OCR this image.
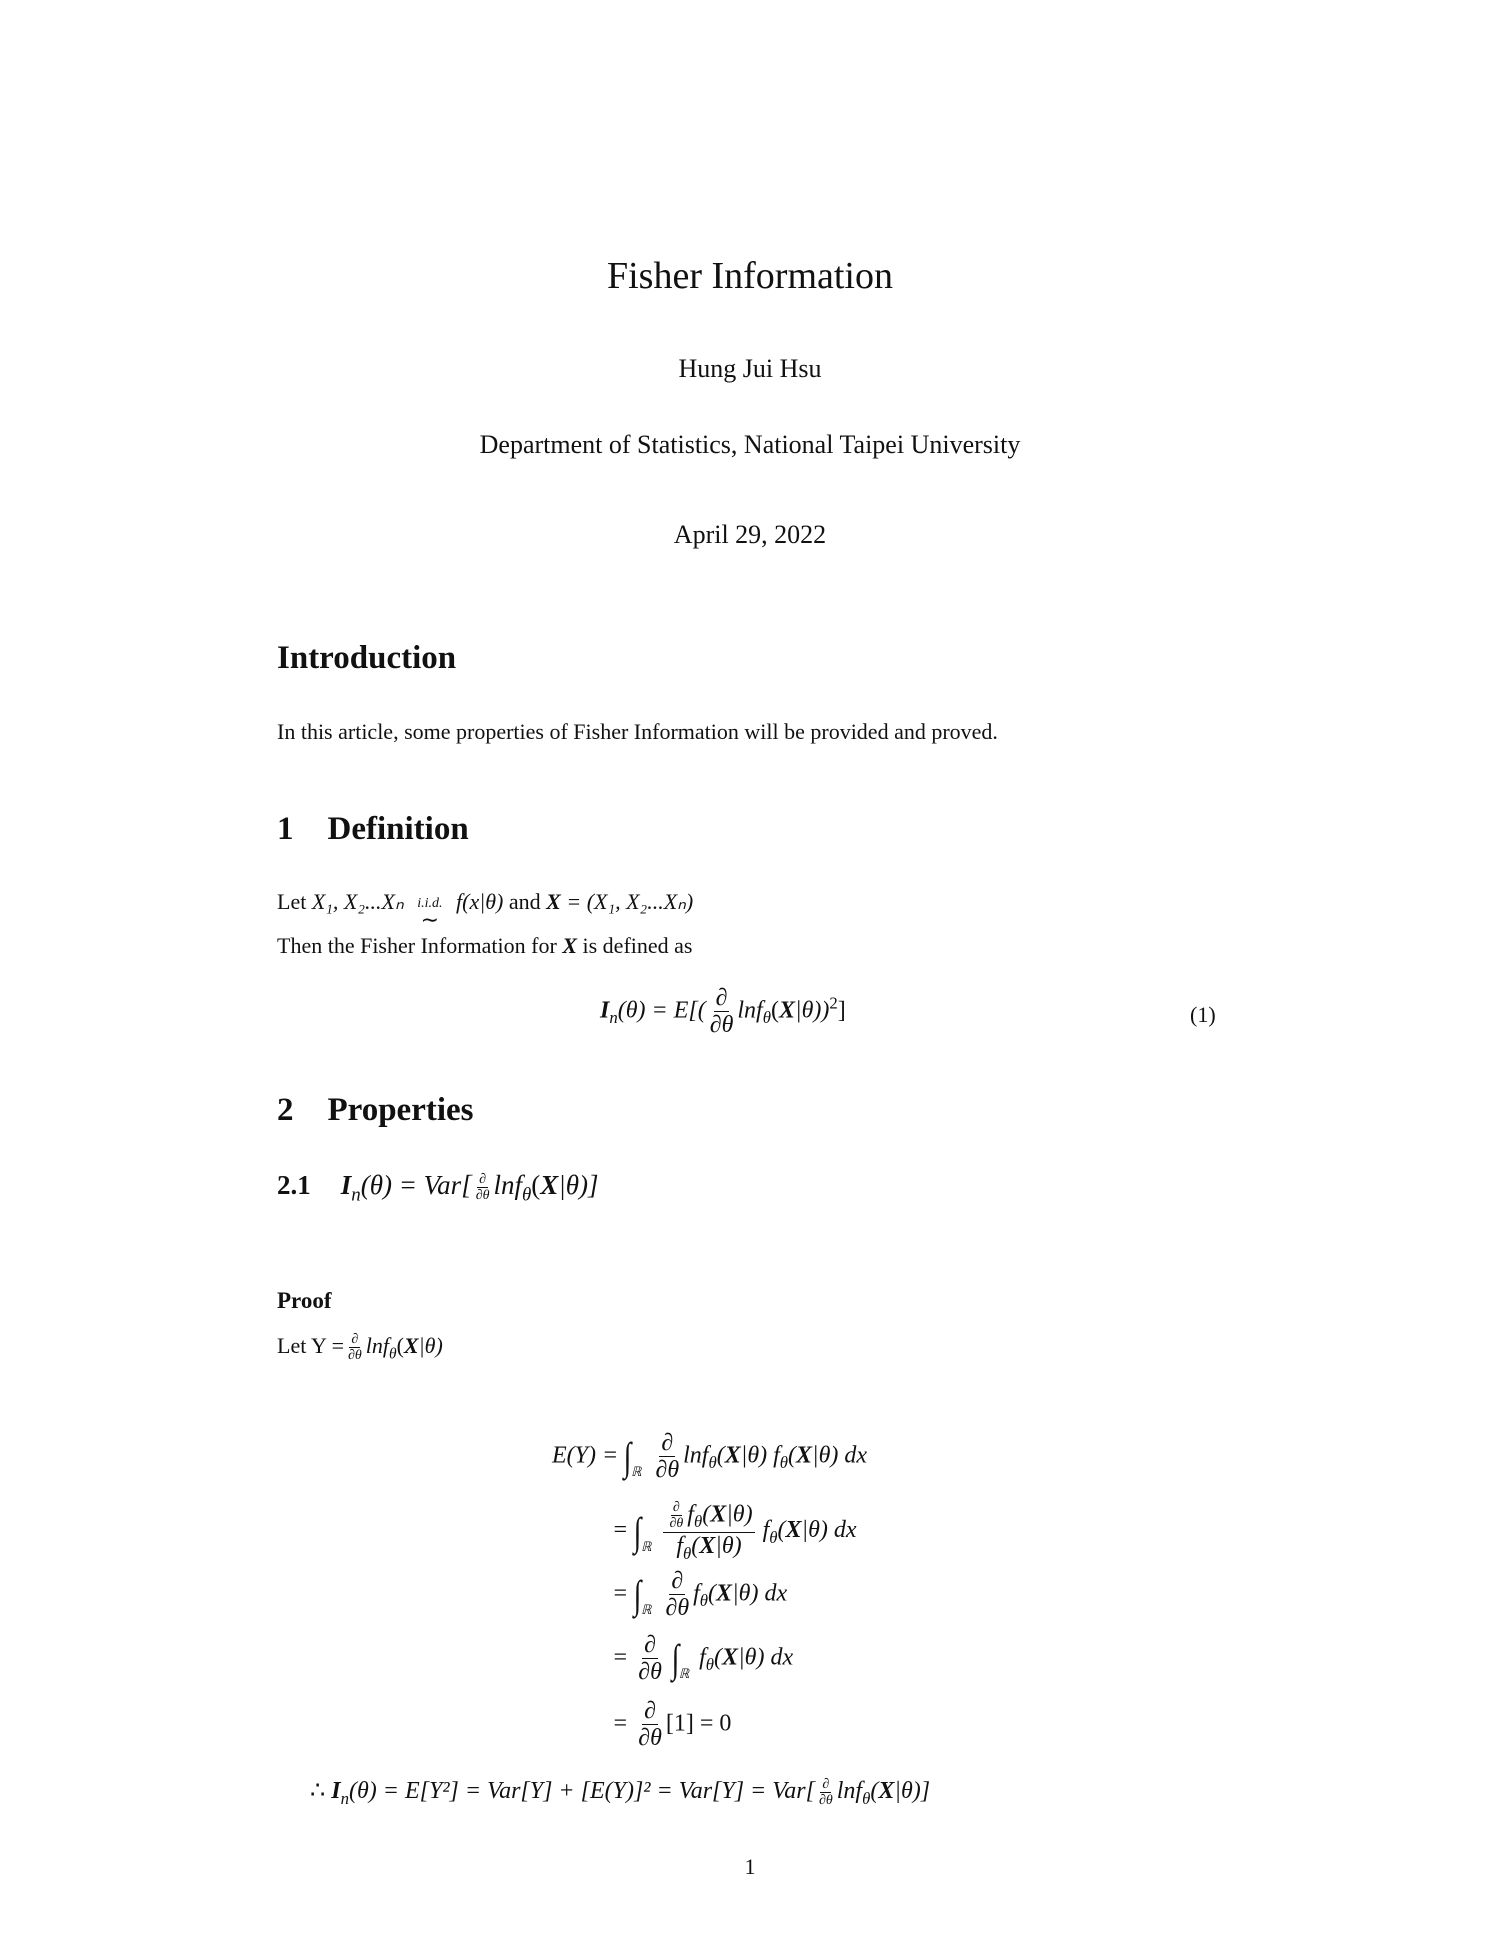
Fisher Information
Hung Jui Hsu
Department of Statistics, National Taipei University
April 29, 2022
Introduction
In this article, some properties of Fisher Information will be provided and proved.
1 Definition
Let X₁, X₂...Xₙ i.i.d.
∼
f(x|θ) and X = (X₁, X₂...Xₙ)
Then the Fisher Information for X is defined as
$I_n(\theta) = E[( \frac{\partial}{\partial\theta} \ln f_\theta(X|\theta))^2]$	(1)
2 Properties
2.1 $I_n(\theta) = Var[ \frac{\partial}{\partial\theta} \ln f_\theta(X|\theta)]$
Proof
Let $Y = \frac{\partial}{\partial\theta} \ln f_\theta(X|\theta)$
$E(Y) = \int_ℝ \frac{\partial}{\partial\theta} \ln f_\theta(X|\theta)$ $f_\theta(X|\theta)$ dx
= $\int_ℝ \frac{\frac{\partial}{\partial\theta} f_\theta(X|\theta)}{f_\theta(X|\theta)} f_\theta(X|\theta)$ dx
= $\int_ℝ \frac{\partial}{\partial\theta} f_\theta(X|\theta)$ dx
= $\frac{\partial}{\partial\theta} \int_ℝf_\theta(X|\theta)$ dx
= $\frac{\partial}{\partial\theta} [1] = 0$
∴ $I_n(\theta) = E[Y^2] = Var[Y] + [E(Y)]^2 = Var[Y] = Var[ \frac{\partial}{\partial\theta} \ln f_\theta(X|\theta)]$
1
